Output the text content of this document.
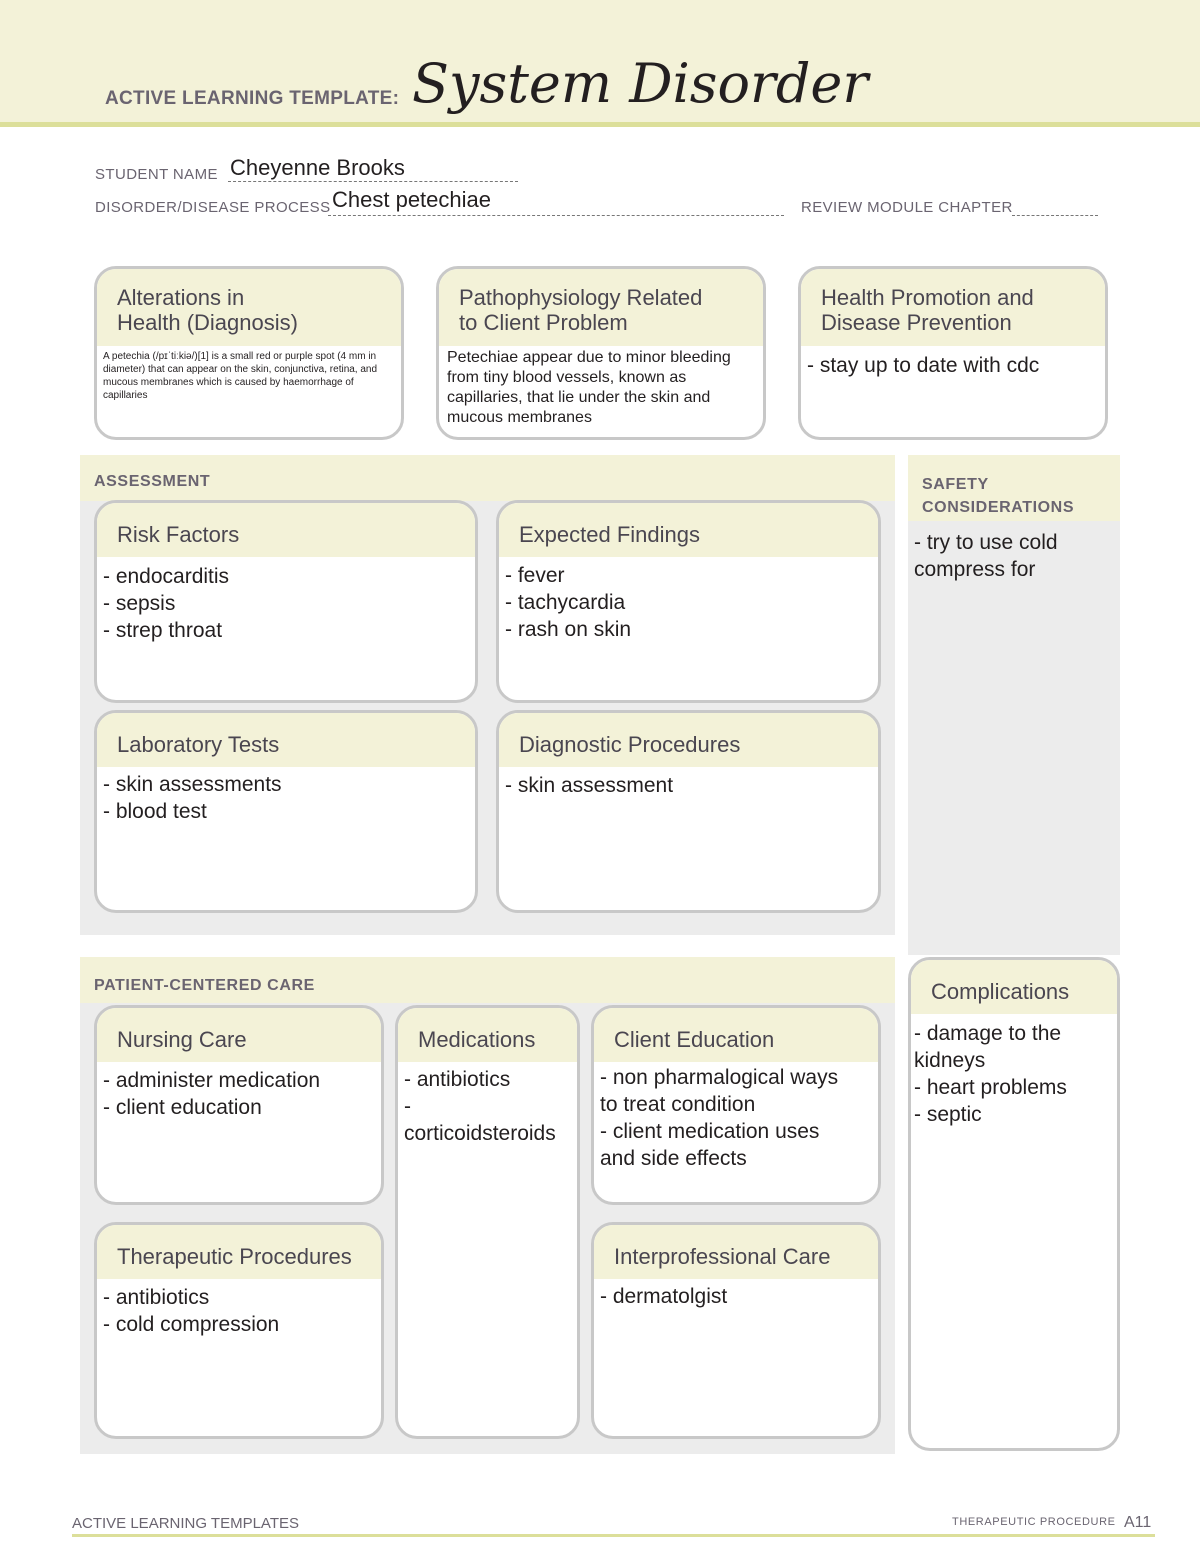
ACTIVE LEARNING TEMPLATE: System Disorder
STUDENT NAME Cheyenne Brooks
DISORDER/DISEASE PROCESS Chest petechiae	REVIEW MODULE CHAPTER
Alterations in
Health (Diagnosis)
A petechia (/pɪˈtiːkiə/)[1] is a small red or purple spot (4 mm in diameter) that can appear on the skin, conjunctiva, retina, and mucous membranes which is caused by haemorrhage of capillaries
Pathophysiology Related
to Client Problem
Petechiae appear due to minor bleeding from tiny blood vessels, known as capillaries, that lie under the skin and mucous membranes
Health Promotion and
Disease Prevention
- stay up to date with cdc
ASSESSMENT
Risk Factors
- endocarditis
- sepsis
- strep throat
Expected Findings
- fever
- tachycardia
- rash on skin
Laboratory Tests
- skin assessments
- blood test
Diagnostic Procedures
- skin assessment
SAFETY
CONSIDERATIONS
- try to use cold
compress for
PATIENT-CENTERED CARE
Nursing Care
- administer medication
- client education
Medications
- antibiotics
-
corticoidsteroids
Client Education
- non pharmalogical ways
to treat condition
- client medication uses
and side effects
Therapeutic Procedures
- antibiotics
- cold compression
Interprofessional Care
- dermatolgist
Complications
- damage to the
kidneys
- heart problems
- septic
ACTIVE LEARNING TEMPLATES	THERAPEUTIC PROCEDURE A11
